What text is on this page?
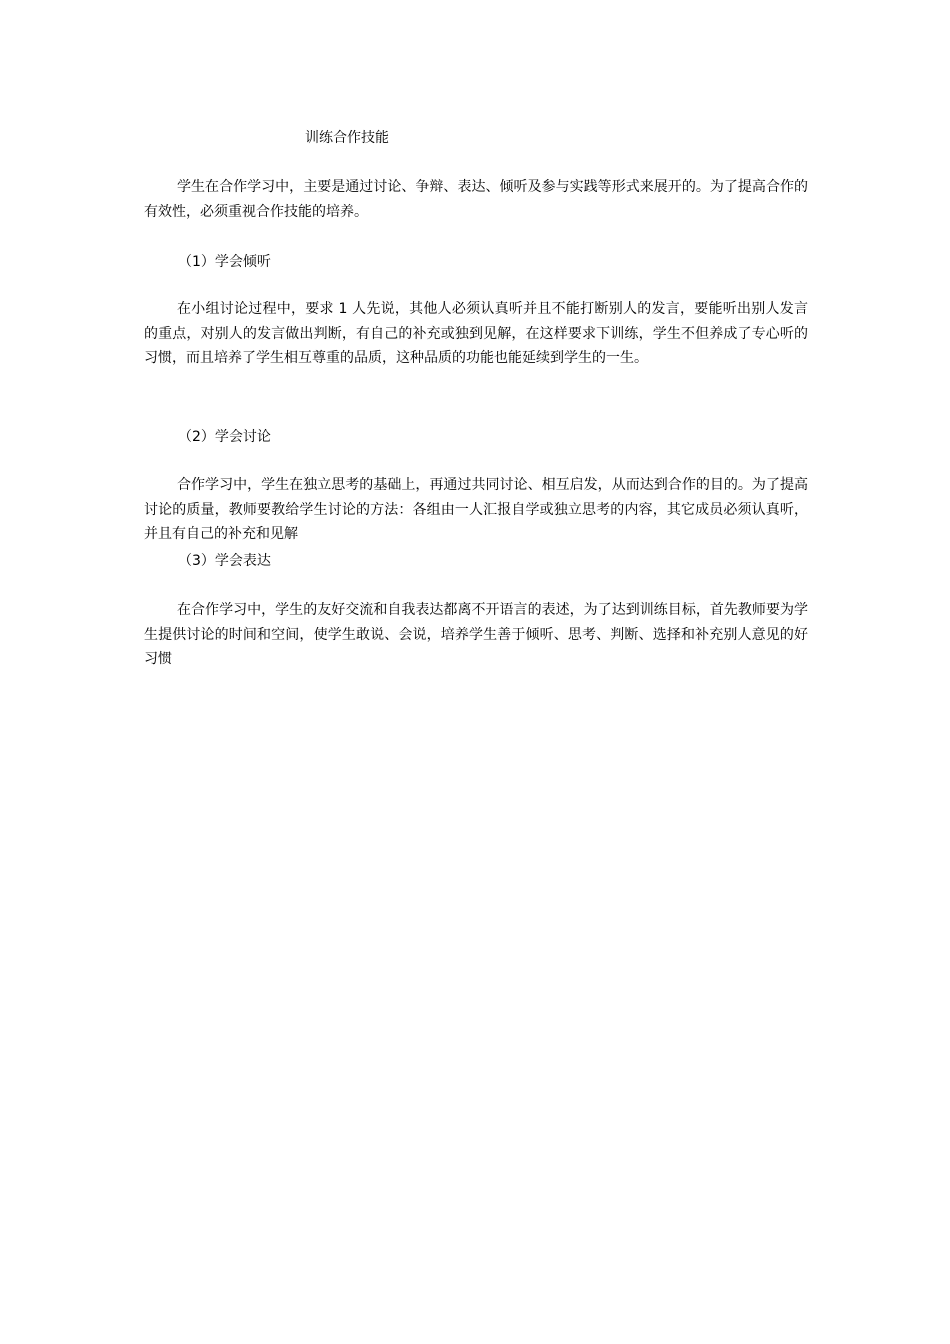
训练合作技能

学生在合作学习中，主要是通过讨论、争辩、表达、倾听及参与实践等形式来展开的。为了提高合作的有效性，必须重视合作技能的培养。

（1）学会倾听

在小组讨论过程中，要求 1 人先说，其他人必须认真听并且不能打断别人的发言，要能听出别人发言的重点，对别人的发言做出判断，有自己的补充或独到见解，在这样要求下训练，学生不但养成了专心听的习惯，而且培养了学生相互尊重的品质，这种品质的功能也能延续到学生的一生。

（2）学会讨论

合作学习中，学生在独立思考的基础上，再通过共同讨论、相互启发，从而达到合作的目的。为了提高讨论的质量，教师要教给学生讨论的方法：各组由一人汇报自学或独立思考的内容，其它成员必须认真听，并且有自己的补充和见解

（3）学会表达

在合作学习中，学生的友好交流和自我表达都离不开语言的表述，为了达到训练目标，首先教师要为学生提供讨论的时间和空间，使学生敢说、会说，培养学生善于倾听、思考、判断、选择和补充别人意见的好习惯
